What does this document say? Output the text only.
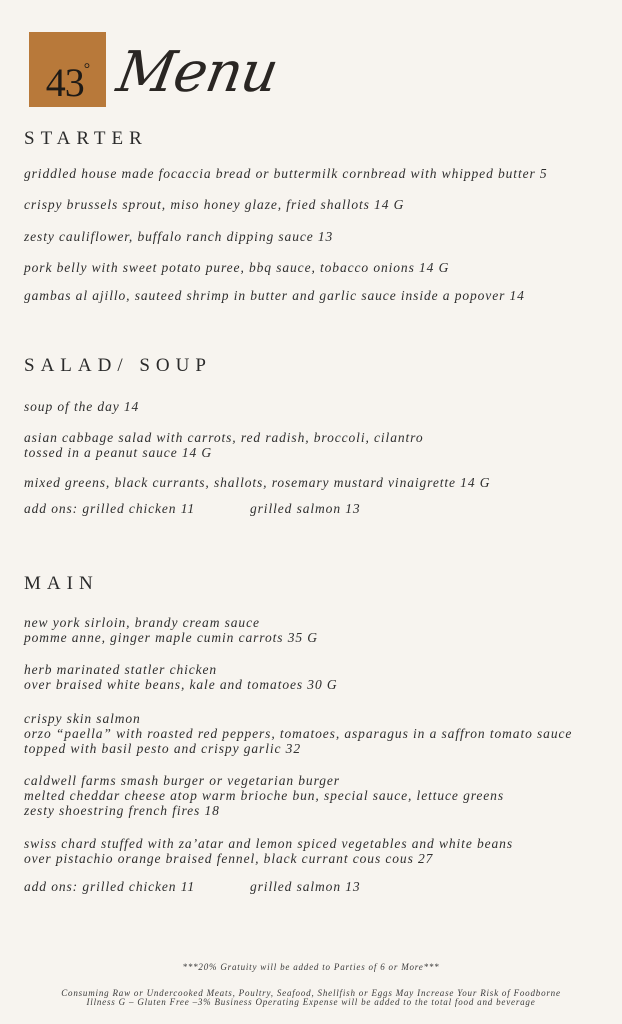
43° Menu
STARTER
griddled house made focaccia bread or buttermilk cornbread with whipped butter 5
crispy brussels sprout, miso honey glaze, fried shallots 14 G
zesty cauliflower, buffalo ranch dipping sauce 13
pork belly with sweet potato puree, bbq sauce, tobacco onions 14 G
gambas al ajillo, sauteed shrimp in butter and garlic sauce inside a popover 14
SALAD/ SOUP
soup of the day 14
asian cabbage salad with carrots, red radish, broccoli, cilantro
tossed in a peanut sauce 14 G
mixed greens, black currants, shallots, rosemary mustard vinaigrette 14 G
add ons: grilled chicken 11	grilled salmon 13
MAIN
new york sirloin, brandy cream sauce
pomme anne, ginger maple cumin carrots 35 G
herb marinated statler chicken
over braised white beans, kale and tomatoes 30 G
crispy skin salmon
orzo “paella” with roasted red peppers, tomatoes, asparagus in a saffron tomato sauce
topped with basil pesto and crispy garlic 32
caldwell farms smash burger or vegetarian burger
melted cheddar cheese atop warm brioche bun, special sauce, lettuce greens
zesty shoestring french fires 18
swiss chard stuffed with za’atar and lemon spiced vegetables and white beans
over pistachio orange braised fennel, black currant cous cous 27
add ons: grilled chicken 11	grilled salmon 13
***20% Gratuity will be added to Parties of 6 or More***
Consuming Raw or Undercooked Meats, Poultry, Seafood, Shellfish or Eggs May Increase Your Risk of Foodborne
Illness G – Gluten Free –3% Business Operating Expense will be added to the total food and beverage
